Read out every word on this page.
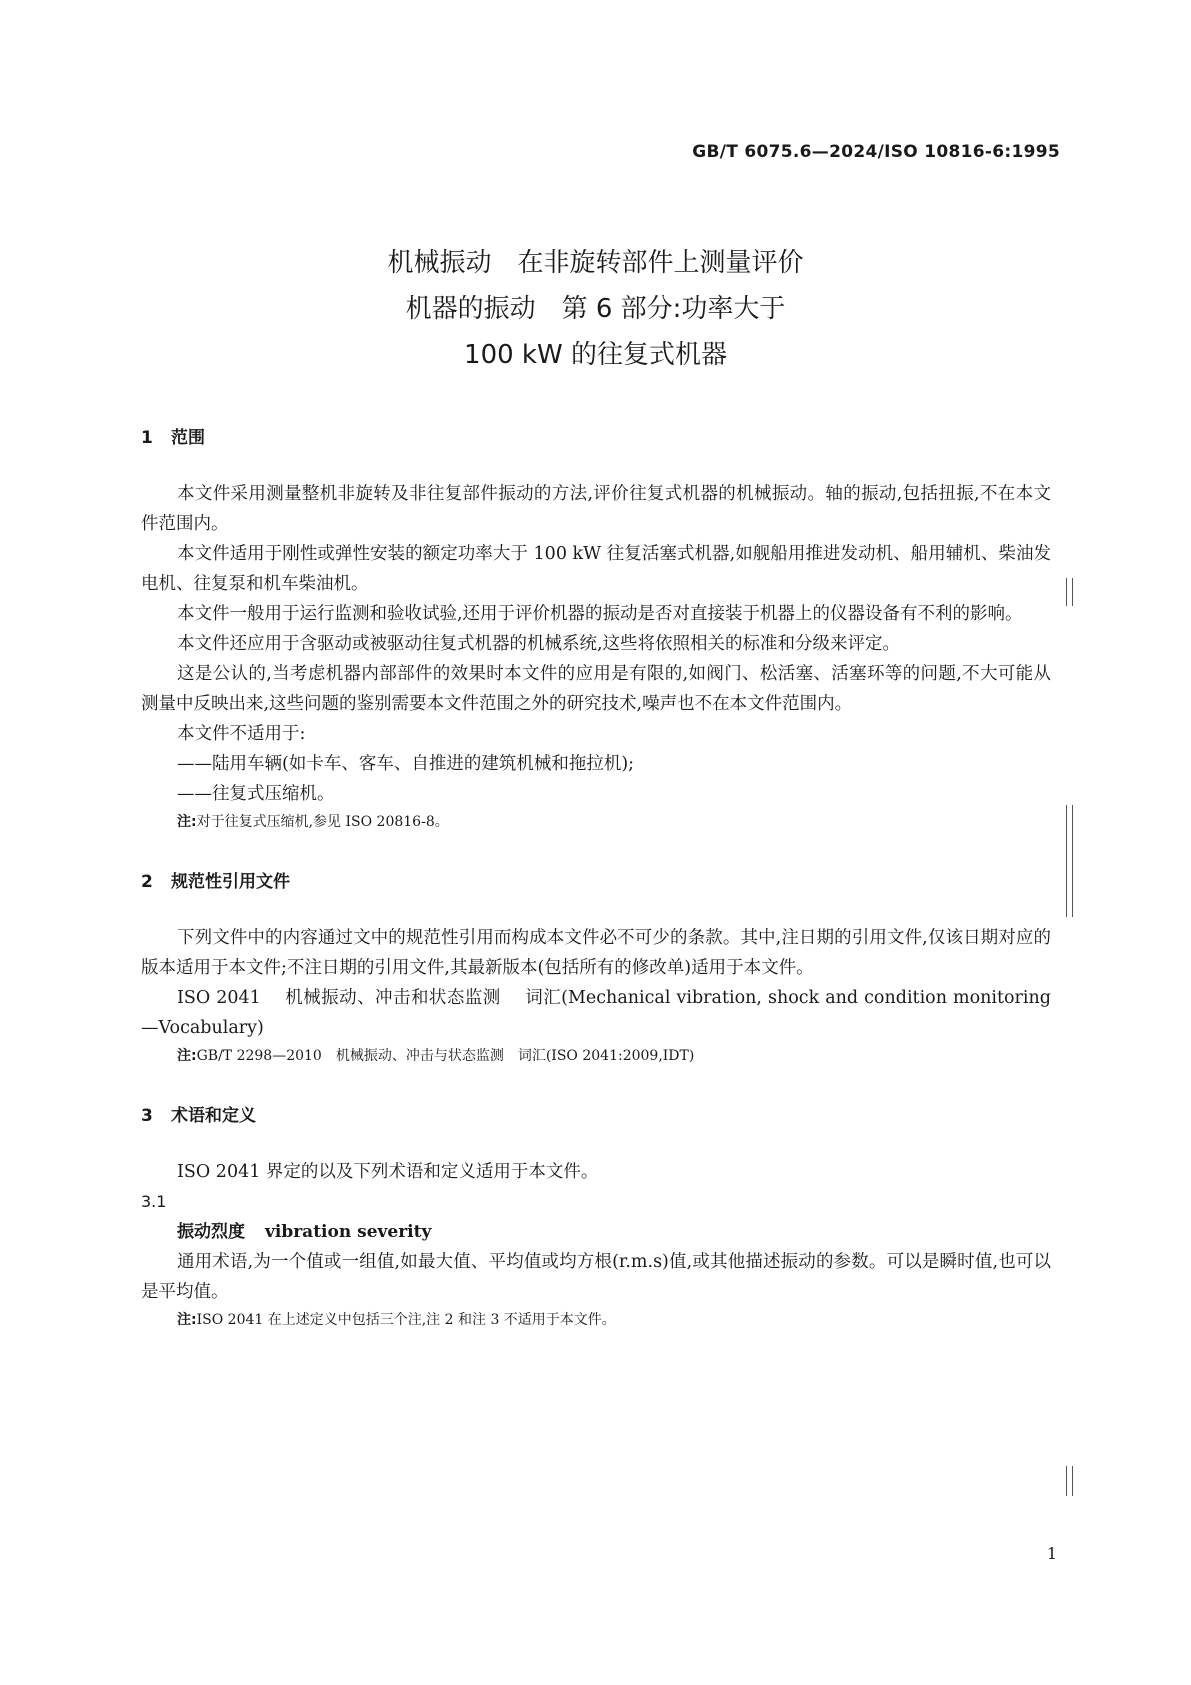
GB/T 6075.6—2024/ISO 10816-6:1995
机械振动　在非旋转部件上测量评价
机器的振动　第 6 部分:功率大于
100 kW 的往复式机器
1 范围

本文件采用测量整机非旋转及非往复部件振动的方法,评价往复式机器的机械振动。轴的振动,包括扭振,不在本文件范围内。

本文件适用于刚性或弹性安装的额定功率大于 100 kW 往复活塞式机器,如舰船用推进发动机、船用辅机、柴油发电机、往复泵和机车柴油机。

本文件一般用于运行监测和验收试验,还用于评价机器的振动是否对直接装于机器上的仪器设备有不利的影响。

本文件还应用于含驱动或被驱动往复式机器的机械系统,这些将依照相关的标准和分级来评定。

这是公认的,当考虑机器内部部件的效果时本文件的应用是有限的,如阀门、松活塞、活塞环等的问题,不大可能从测量中反映出来,这些问题的鉴别需要本文件范围之外的研究技术,噪声也不在本文件范围内。

本文件不适用于:

——陆用车辆(如卡车、客车、自推进的建筑机械和拖拉机);
——往复式压缩机。
注:对于往复式压缩机,参见 ISO 20816-8。
2 规范性引用文件

下列文件中的内容通过文中的规范性引用而构成本文件必不可少的条款。其中,注日期的引用文件,仅该日期对应的版本适用于本文件;不注日期的引用文件,其最新版本(包括所有的修改单)适用于本文件。

ISO 2041 机械振动、冲击和状态监测 词汇(Mechanical vibration, shock and condition monitoring—Vocabulary)

注:GB/T 2298—2010　机械振动、冲击与状态监测　词汇(ISO 2041:2009,IDT)
3 术语和定义

ISO 2041 界定的以及下列术语和定义适用于本文件。

3.1
振动烈度 vibration severity

通用术语,为一个值或一组值,如最大值、平均值或均方根(r.m.s)值,或其他描述振动的参数。可以是瞬时值,也可以是平均值。

注:ISO 2041 在上述定义中包括三个注,注 2 和注 3 不适用于本文件。
1
